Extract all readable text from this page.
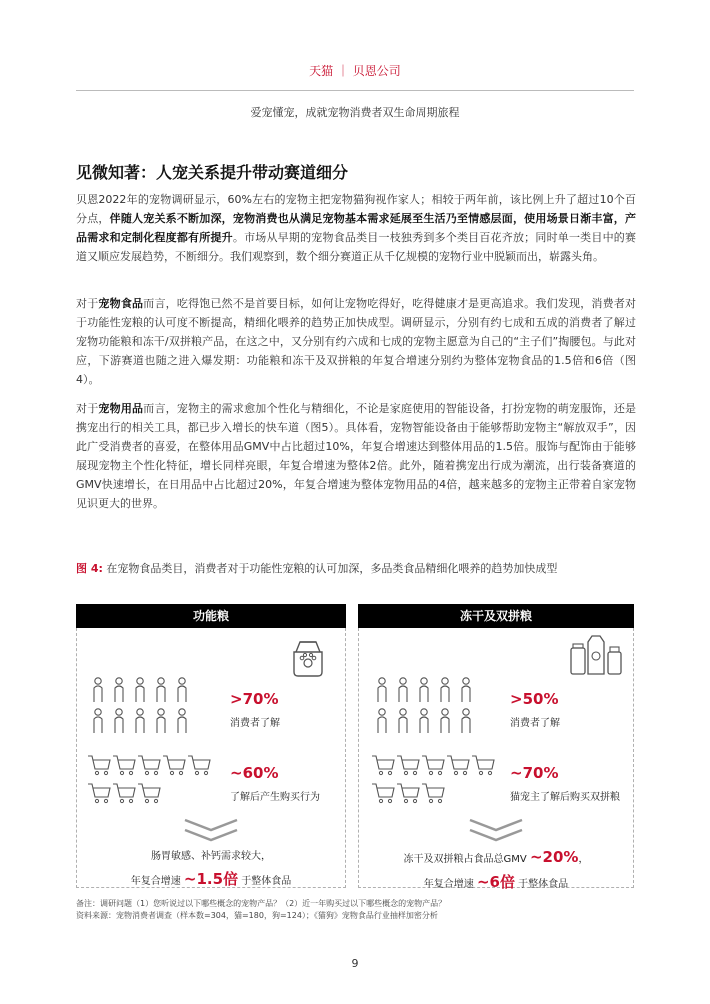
天猫 ｜ 贝恩公司
爱宠懂宠，成就宠物消费者双生命周期旅程
见微知著：人宠关系提升带动赛道细分
贝恩2022年的宠物调研显示，60%左右的宠物主把宠物猫狗视作家人；相较于两年前，该比例上升了超过10个百分点，伴随人宠关系不断加深，宠物消费也从满足宠物基本需求延展至生活乃至情感层面，使用场景日渐丰富，产品需求和定制化程度都有所提升。市场从早期的宠物食品类目一枝独秀到多个类目百花齐放；同时单一类目中的赛道又顺应发展趋势，不断细分。我们观察到，数个细分赛道正从千亿规模的宠物行业中脱颖而出，崭露头角。
对于宠物食品而言，吃得饱已然不是首要目标，如何让宠物吃得好，吃得健康才是更高追求。我们发现，消费者对于功能性宠粮的认可度不断提高，精细化喂养的趋势正加快成型。调研显示，分别有约七成和五成的消费者了解过宠物功能粮和冻干/双拼粮产品，在这之中，又分别有约六成和七成的宠物主愿意为自己的“主子们”掏腰包。与此对应，下游赛道也随之进入爆发期：功能粮和冻干及双拼粮的年复合增速分别约为整体宠物食品的1.5倍和6倍（图4）。
对于宠物用品而言，宠物主的需求愈加个性化与精细化，不论是家庭使用的智能设备，打扮宠物的萌宠服饰，还是携宠出行的相关工具，都已步入增长的快车道（图5）。具体看，宠物智能设备由于能够帮助宠物主“解放双手”，因此广受消费者的喜爱，在整体用品GMV中占比超过10%，年复合增速达到整体用品的1.5倍。服饰与配饰由于能够展现宠物主个性化特征，增长同样亮眼，年复合增速为整体2倍。此外，随着携宠出行成为潮流，出行装备赛道的GMV快速增长，在日用品中占比超过20%，年复合增速为整体宠物用品的4倍，越来越多的宠物主正带着自家宠物见识更大的世界。
图 4: 在宠物食品类目，消费者对于功能性宠粮的认可加深，多品类食品精细化喂养的趋势加快成型
功能粮
>70%
消费者了解
~60%
了解后产生购买行为
肠胃敏感、补钙需求较大，
年复合增速 ~1.5倍 于整体食品
冻干及双拼粮
>50%
消费者了解
~70%
猫宠主了解后购买双拼粮
冻干及双拼粮占食品总GMV ~20%，
年复合增速 ~6倍 于整体食品
备注：调研问题（1）您听说过以下哪些概念的宠物产品？（2）近一年购买过以下哪些概念的宠物产品？
资料来源：宠物消费者调查（样本数=304，猫=180，狗=124）；《猫狗》宠物食品行业抽样加密分析
9
